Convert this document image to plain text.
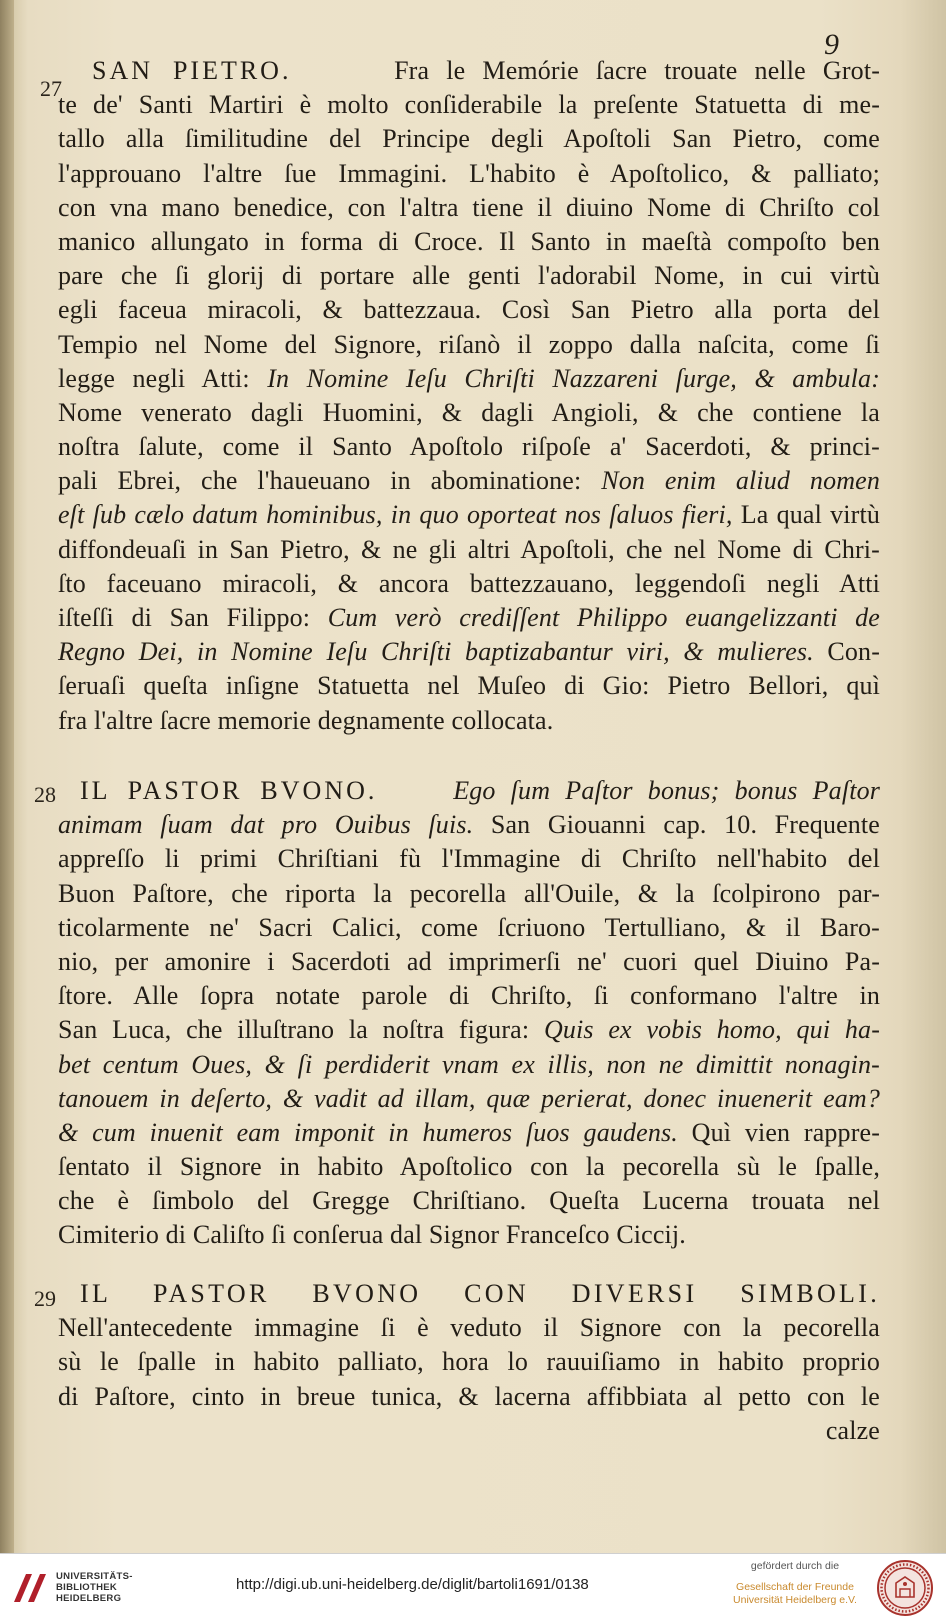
9
27
SAN PIETRO.	Fra le Memórie ſacre trouate nelle Grot-
te de' Santi Martiri è molto conſiderabile la preſente Statuetta di me-
tallo alla ſimilitudine del Principe degli Apoſtoli San Pietro, come
l'approuano l'altre ſue Immagini. L'habito è Apoſtolico, & palliato;
con vna mano benedice, con l'altra tiene il diuino Nome di Chriſto col
manico allungato in forma di Croce. Il Santo in maeſtà compoſto ben
pare che ſi glorij di portare alle genti l'adorabil Nome, in cui virtù
egli faceua miracoli, & battezzaua. Così San Pietro alla porta del
Tempio nel Nome del Signore, riſanò il zoppo dalla naſcita, come ſi
legge negli Atti: In Nomine Ieſu Chriſti Nazzareni ſurge, & ambula:
Nome venerato dagli Huomini, & dagli Angioli, & che contiene la
noſtra ſalute, come il Santo Apoſtolo riſpoſe a' Sacerdoti, & princi-
pali Ebrei, che l'haueuano in abominatione: Non enim aliud nomen
eſt ſub cælo datum hominibus, in quo oporteat nos ſaluos fieri, La qual virtù
diffondeuaſi in San Pietro, & ne gli altri Apoſtoli, che nel Nome di Chri-
ſto faceuano miracoli, & ancora battezzauano, leggendoſi negli Atti
iſteſſi di San Filippo: Cum verò crediſſent Philippo euangelizzanti de
Regno Dei, in Nomine Ieſu Chriſti baptizabantur viri, & mulieres. Con-
ſeruaſi queſta inſigne Statuetta nel Muſeo di Gio: Pietro Bellori, quì
fra l'altre ſacre memorie degnamente collocata.
28 IL PASTOR BVONO.	Ego ſum Paſtor bonus; bonus Paſtor
animam ſuam dat pro Ouibus ſuis. San Giouanni cap. 10. Frequente
appreſſo li primi Chriſtiani fù l'Immagine di Chriſto nell'habito del
Buon Paſtore, che riporta la pecorella all'Ouile, & la ſcolpirono par-
ticolarmente ne' Sacri Calici, come ſcriuono Tertulliano, & il Baro-
nio, per amonire i Sacerdoti ad imprimerſi ne' cuori quel Diuino Pa-
ſtore. Alle ſopra notate parole di Chriſto, ſi conformano l'altre in
San Luca, che illuſtrano la noſtra figura: Quis ex vobis homo, qui ha-
bet centum Oues, & ſi perdiderit vnam ex illis, non ne dimittit nonagin-
tanouem in deſerto, & vadit ad illam, quæ perierat, donec inuenerit eam?
& cum inuenit eam imponit in humeros ſuos gaudens. Quì vien rappre-
ſentato il Signore in habito Apoſtolico con la pecorella sù le ſpalle,
che è ſimbolo del Gregge Chriſtiano. Queſta Lucerna trouata nel
Cimiterio di Caliſto ſi conſerua dal Signor Franceſco Ciccij.
29 IL PASTOR BVONO CON DIVERSI SIMBOLI.
Nell'antecedente immagine ſi è veduto il Signore con la pecorella
sù le ſpalle in habito palliato, hora lo rauuiſiamo in habito proprio
di Paſtore, cinto in breue tunica, & lacerna affibbiata al petto con le
calze
UNIVERSITÄTS-
BIBLIOTHEK
HEIDELBERG
http://digi.ub.uni-heidelberg.de/diglit/bartoli1691/0138
gefördert durch die
Gesellschaft der Freunde
Universität Heidelberg e.V.
